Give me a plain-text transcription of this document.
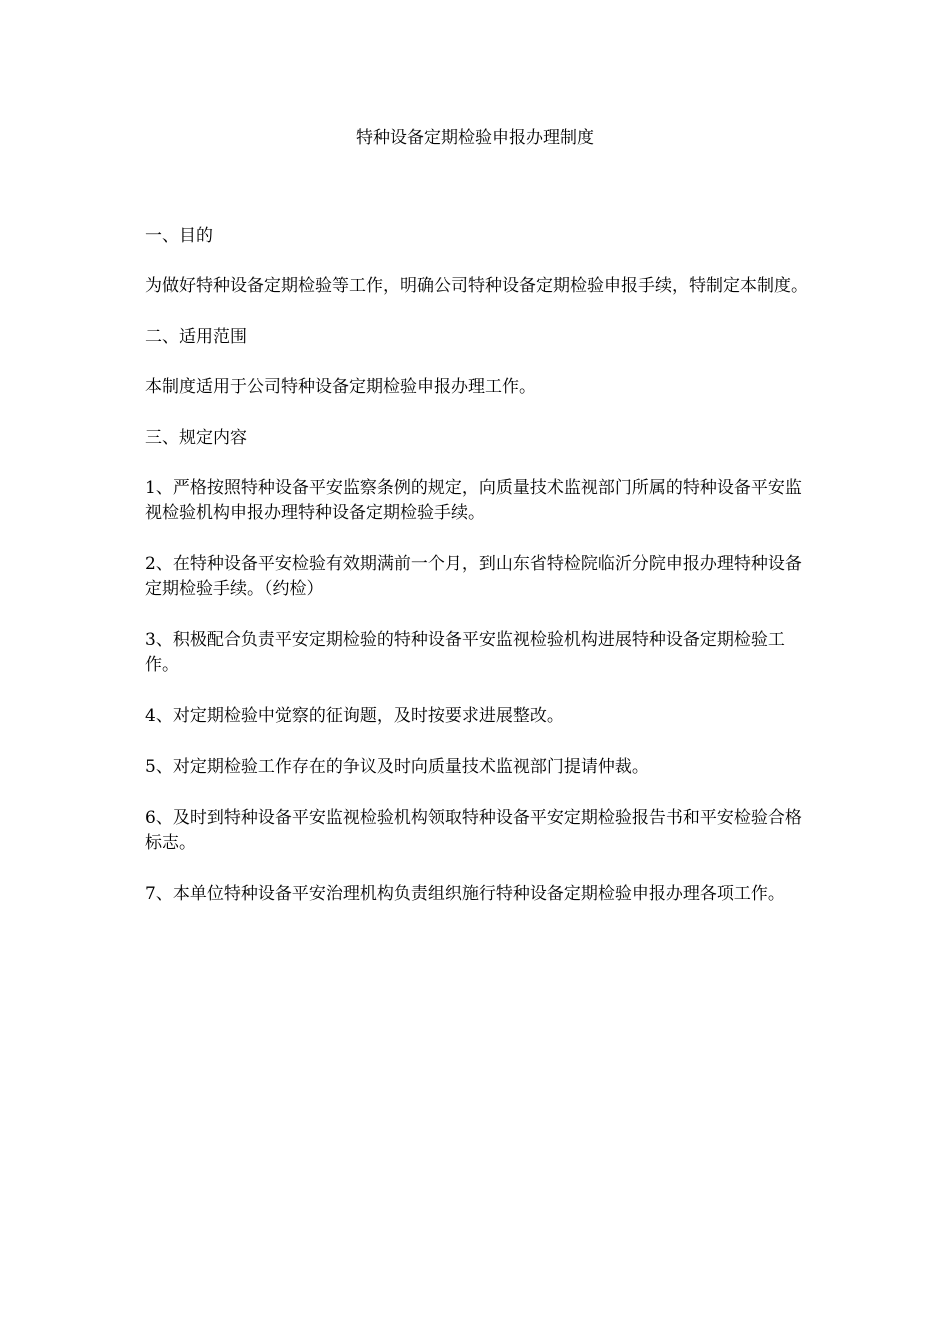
特种设备定期检验申报办理制度

一、目的

为做好特种设备定期检验等工作，明确公司特种设备定期检验申报手续，特制定本制度。

二、适用范围

本制度适用于公司特种设备定期检验申报办理工作。

三、规定内容

1、严格按照特种设备平安监察条例的规定，向质量技术监视部门所属的特种设备平安监视检验机构申报办理特种设备定期检验手续。

2、在特种设备平安检验有效期满前一个月，到山东省特检院临沂分院申报办理特种设备定期检验手续。（约检）

3、积极配合负责平安定期检验的特种设备平安监视检验机构进展特种设备定期检验工作。

4、对定期检验中觉察的征询题，及时按要求进展整改。

5、对定期检验工作存在的争议及时向质量技术监视部门提请仲裁。

6、及时到特种设备平安监视检验机构领取特种设备平安定期检验报告书和平安检验合格标志。

7、本单位特种设备平安治理机构负责组织施行特种设备定期检验申报办理各项工作。
